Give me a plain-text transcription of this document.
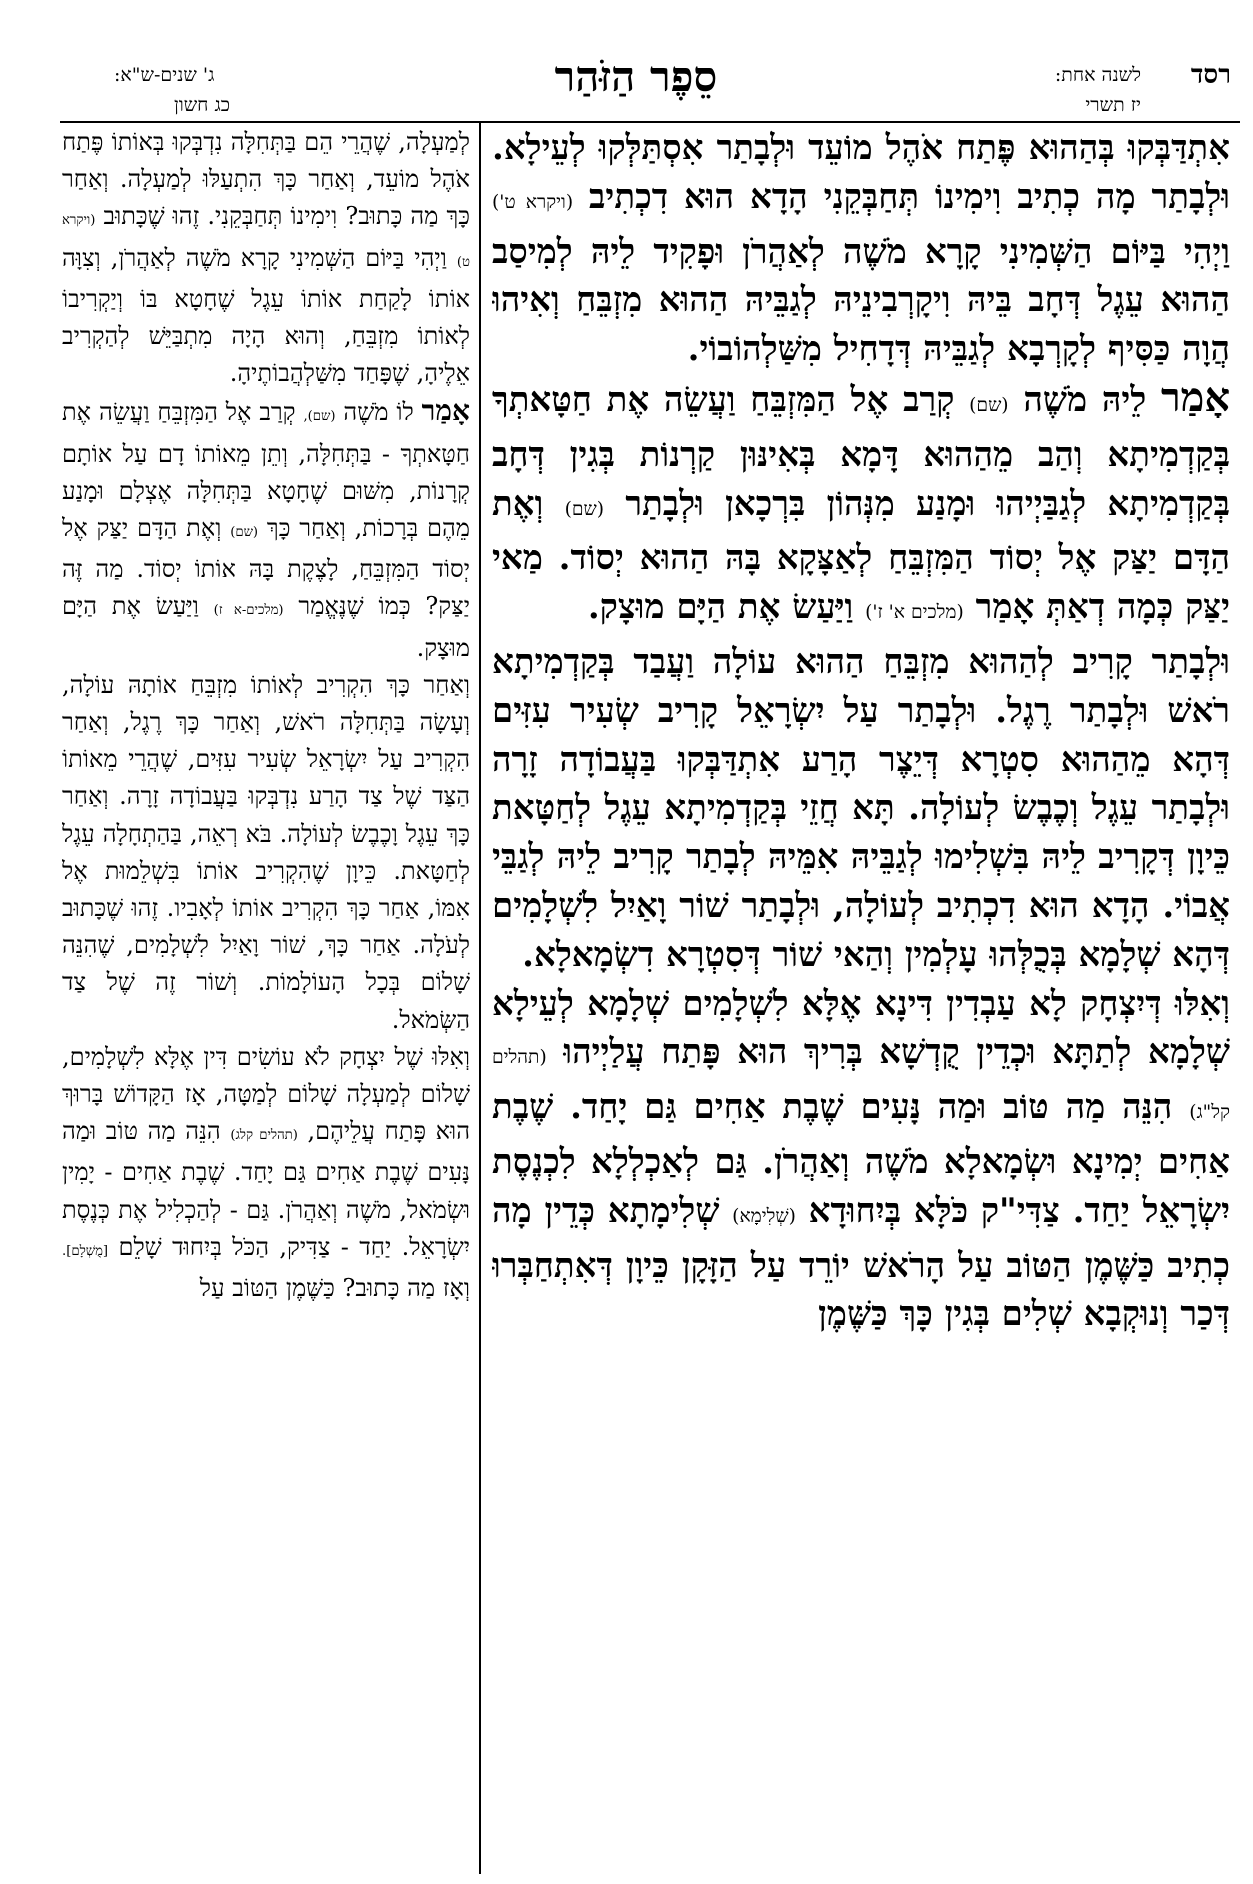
רסד
לשנה אחת:
יז תשרי
סֵפֶר הַזֹּהַר
ג' שנים-ש"א:
כג חשון

אִתְדַּבְּקוּ בְּהַהוּא פֶּתַח אֹהֶל מוֹעֵד וּלְבָתַר אִסְתַּלְּקוּ לְעֵילָא. וּלְבָתַר מָה כְתִיב וִימִינוֹ תְּחַבְּקֵנִי הָדָא הוּא דִכְתִיב (ויקרא ט') וַיְהִי בַּיּוֹם הַשְּׁמִינִי קָרָא מֹשֶׁה לְאַהֲרֹן וּפָקִיד לֵיהּ לְמִיסַב הַהוּא עֵגֶל דְּחָב בֵּיהּ וִיקָרְבִינֵיהּ לְגַבֵּיהּ הַהוּא מִזְבֵּחַ וְאִיהוּ הֲוָה כַּסִּיף לְקָרְבָא לְגַבֵּיהּ דְּדָחִיל מִשַּׁלְהוֹבוֹי.

אָמַר לֵיהּ מֹשֶׁה (שם) קְרַב אֶל הַמִּזְבֵּחַ וַעֲשֵׂה אֶת חַטָּאתְךָ בְּקַדְמִיתָא וְהַב מֵהַהוּא דָּמָא בְּאִינּוּן קַרְנוֹת בְּגִין דְּחָב בְּקַדְמִיתָא לְגַבַּיְיהוּ וּמָנַע מִנְּהוֹן בִּרְכָאן וּלְבָתַר (שם) וְאֶת הַדָּם יַצַּק אֶל יְסוֹד הַמִּזְבֵּחַ לְאַצָּקָא בָּהּ הַהוּא יְסוֹד. מַאי יַצַּק כְּמָה דְאַתְּ אָמַר (מלכים א' ז') וַיַּעַשׂ אֶת הַיָּם מוּצָק.

וּלְבָתַר קָרִיב לְהַהוּא מִזְבֵּחַ הַהוּא עוֹלָה וַעֲבַד בְּקַדְמִיתָא רֹאשׁ וּלְבָתַר רֶגֶל. וּלְבָתַר עַל יִשְׂרָאֵל קָרִיב שְׂעִיר עִזִּים דְּהָא מֵהַהוּא סִטְרָא דְּיֵצֶר הָרַע אִתְדַּבְּקוּ בַּעֲבוֹדָה זָרָה וּלְבָתַר עֵגֶל וְכֶבֶשׂ לְעוֹלָה. תָּא חֲזֵי בְּקַדְמִיתָא עֵגֶל לְחַטָּאת כֵּיוָן דְּקָרִיב לֵיהּ בִּשְׁלִימוּ לְגַבֵּיהּ אִמֵּיהּ לְבָתַר קָרִיב לֵיהּ לְגַבֵּי אֲבוֹי. הָדָא הוּא דִכְתִיב לְעוֹלָה, וּלְבָתַר שׁוֹר וָאַיִל לִשְׁלָמִים דְּהָא שְׁלָמָא בְּכֻלְּהוּ עָלְמִין וְהַאי שׁוֹר דְּסִטְרָא דִשְׂמָאלָא.

וְאִלּוּ דְּיִצְחָק לָא עַבְדִין דִּינָא אֶלָּא לִשְׁלָמִים שְׁלָמָא לְעֵילָא שְׁלָמָא לְתַתָּא וּכְדֵין קֻדְשָׁא בְּרִיךְ הוּא פָּתַח עֲלַיְיהוּ (תהלים קל"ג) הִנֵּה מַה טּוֹב וּמַה נָּעִים שֶׁבֶת אַחִים גַּם יָחַד. שֶׁבֶת אַחִים יְמִינָא וּשְׂמָאלָא מֹשֶׁה וְאַהֲרֹן. גַּם לְאַכְלְלָא לִכְנֶסֶת יִשְׂרָאֵל יַחַד. צַדִּי"ק כֹּלָּא בְּיִחוּדָא (שְׁלִימָא) שְׁלִימָתָא כְּדֵין מָה כְתִיב כַּשֶּׁמֶן הַטּוֹב עַל הָרֹאשׁ יוֹרֵד עַל הַזָּקָן כֵּיוָן דְּאִתְחַבְּרוּ דְּכַר וְנוּקְבָא שְׁלִים בְּגִין כָּךְ כַּשֶּׁמֶן

לְמַעְלָה, שֶׁהֲרֵי הֵם בַּתְּחִלָּה נִדְבְּקוּ בְּאוֹתוֹ פֶּתַח אֹהֶל מוֹעֵד, וְאַחַר כָּךְ הִתְעַלּוּ לְמַעְלָה. וְאַחַר כָּךְ מַה כָּתוּב? וִימִינוֹ תְּחַבְּקֵנִי. זֶהוּ שֶׁכָּתוּב (ויקרא ט) וַיְהִי בַּיּוֹם הַשְּׁמִינִי קָרָא מֹשֶׁה לְאַהֲרֹן, וְצִוָּה אוֹתוֹ לָקַחַת אוֹתוֹ עֵגֶל שֶׁחָטָא בּוֹ וְיַקְרִיבוֹ לְאוֹתוֹ מִזְבֵּחַ, וְהוּא הָיָה מִתְבַּיֵּשׁ לְהַקְרִיב אֵלֶיהָ, שֶׁפָּחַד מִשַּׁלְהֲבוֹתֶיהָ.

אָמַר לוֹ מֹשֶׁה (שם), קְרַב אֶל הַמִּזְבֵּחַ וַעֲשֵׂה אֶת חַטָּאתְךָ - בַּתְּחִלָּה, וְתֵן מֵאוֹתוֹ דָם עַל אוֹתָם קְרָנוֹת, מִשּׁוּם שֶׁחָטָא בַּתְּחִלָּה אֶצְלָם וּמָנַע מֵהֶם בְּרָכוֹת, וְאַחַר כָּךְ (שם) וְאֶת הַדָּם יַצַּק אֶל יְסוֹד הַמִּזְבֵּחַ, לָצֶקֶת בָּהּ אוֹתוֹ יְסוֹד. מַה זֶּה יַצַּק? כְּמוֹ שֶׁנֶּאֱמַר (מלכים-א ז) וַיַּעַשׂ אֶת הַיָּם מוּצָק.

וְאַחַר כָּךְ הִקְרִיב לְאוֹתוֹ מִזְבֵּחַ אוֹתָהּ עוֹלָה, וְעָשָׂה בַּתְּחִלָּה רֹאשׁ, וְאַחַר כָּךְ רֶגֶל, וְאַחַר הִקְרִיב עַל יִשְׂרָאֵל שְׂעִיר עִזִּים, שֶׁהֲרֵי מֵאוֹתוֹ הַצַּד שֶׁל צַד הָרַע נִדְבְּקוּ בַּעֲבוֹדָה זָרָה. וְאַחַר כָּךְ עֵגֶל וָכֶבֶשׂ לְעוֹלָה. בֹּא רְאֵה, בַּהַתְחָלָה עֵגֶל לְחַטָּאת. כֵּיוָן שֶׁהִקְרִיב אוֹתוֹ בִּשְׁלֵמוּת אֶל אִמּוֹ, אַחַר כָּךְ הִקְרִיב אוֹתוֹ לְאָבִיו. זֶהוּ שֶׁכָּתוּב לְעֹלָה. אַחַר כָּךְ, שׁוֹר וָאַיִל לִשְׁלָמִים, שֶׁהִנֵּה שָׁלוֹם בְּכָל הָעוֹלָמוֹת. וְשׁוֹר זֶה שֶׁל צַד הַשְּׂמֹאל.

וְאִלּוּ שֶׁל יִצְחָק לֹא עוֹשִׂים דִּין אֶלָּא לִשְׁלָמִים, שָׁלוֹם לְמַעְלָה שָׁלוֹם לְמַטָּה, אָז הַקָּדוֹשׁ בָּרוּךְ הוּא פָּתַח עֲלֵיהֶם, (תהלים קלג) הִנֵּה מַה טּוֹב וּמַה נָּעִים שֶׁבֶת אַחִים גַּם יָחַד. שֶׁבֶת אַחִים - יָמִין וּשְׂמֹאל, מֹשֶׁה וְאַהֲרֹן. גַּם - לְהַכְלִיל אֶת כְּנֶסֶת יִשְׂרָאֵל. יַחַד - צַדִּיק, הַכֹּל בְּיִחוּד שָׁלֵם [מֻשְׁלָם]. וְאָז מַה כָּתוּב? כַּשֶּׁמֶן הַטּוֹב עַל
